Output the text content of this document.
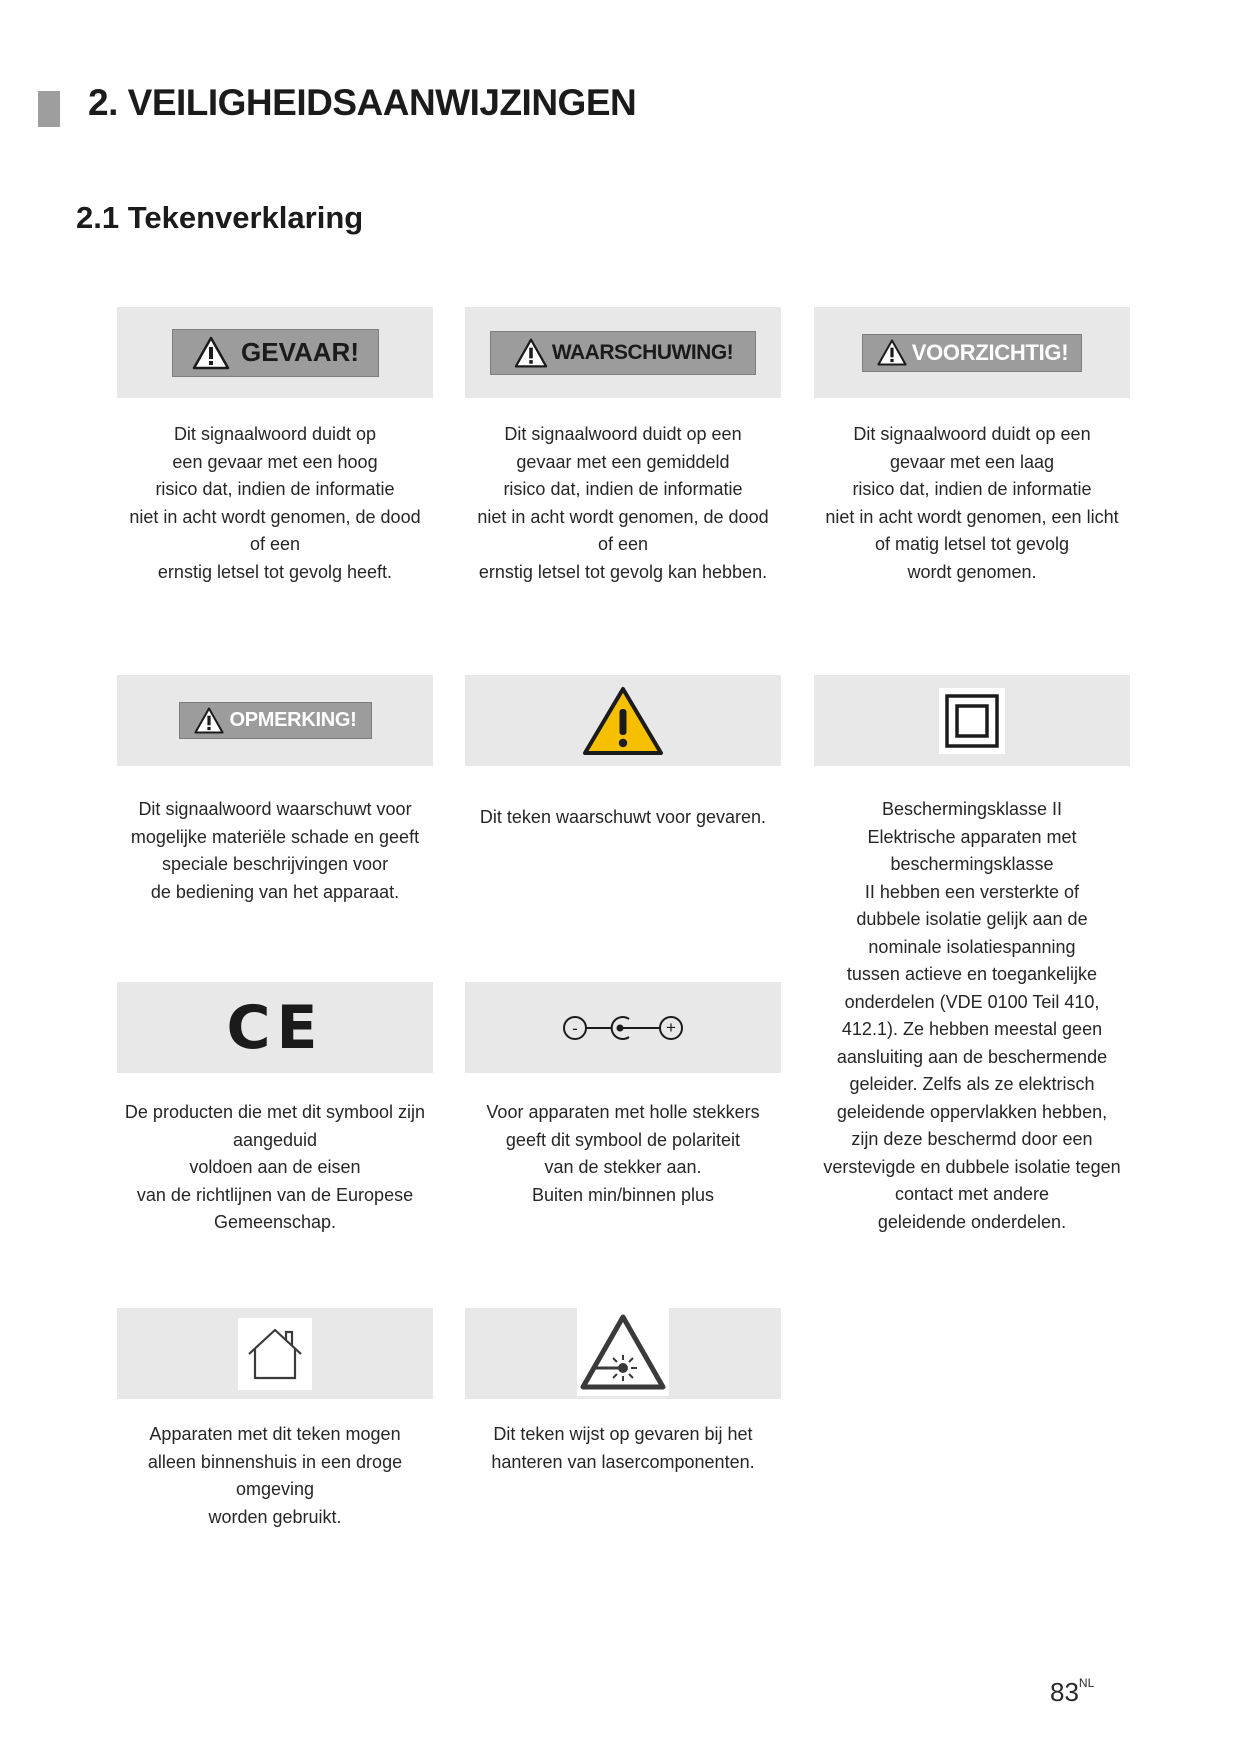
2. VEILIGHEIDSAANWIJZINGEN
2.1 Tekenverklaring
GEVAAR!	WAARSCHUWING!	VOORZICHTIG!

Dit signaalwoord duidt op

een gevaar met een hoog

risico dat, indien de informatie

niet in acht wordt genomen, de dood

of een

ernstig letsel tot gevolg heeft.

Dit signaalwoord duidt op een

gevaar met een gemiddeld

risico dat, indien de informatie

niet in acht wordt genomen, de dood

of een

ernstig letsel tot gevolg kan hebben.

Dit signaalwoord duidt op een

gevaar met een laag

risico dat, indien de informatie

niet in acht wordt genomen, een licht

of matig letsel tot gevolg

wordt genomen.

OPMERKING!

Dit signaalwoord waarschuwt voor

mogelijke materiële schade en geeft

speciale beschrijvingen voor

de bediening van het apparaat.

Dit teken waarschuwt voor gevaren.	Beschermingsklasse II

Elektrische apparaten met

beschermingsklasse

II hebben een versterkte of

dubbele isolatie gelijk aan de

nominale isolatiespanning

tussen actieve en toegankelijke

onderdelen (VDE 0100 Teil 410,

412.1). Ze hebben meestal geen

aansluiting aan de beschermende

geleider. Zelfs als ze elektrisch

geleidende oppervlakken hebben,

zijn deze beschermd door een

verstevigde en dubbele isolatie tegen

contact met andere

geleidende onderdelen.

CE	-	+

De producten die met dit symbool zijn

aangeduid

voldoen aan de eisen

van de richtlijnen van de Europese

Gemeenschap.

Voor apparaten met holle stekkers

geeft dit symbool de polariteit

van de stekker aan.

Buiten min/binnen plus

Apparaten met dit teken mogen

alleen binnenshuis in een droge

omgeving

worden gebruikt.

Dit teken wijst op gevaren bij het

hanteren van lasercomponenten.

$83^{NL}$
